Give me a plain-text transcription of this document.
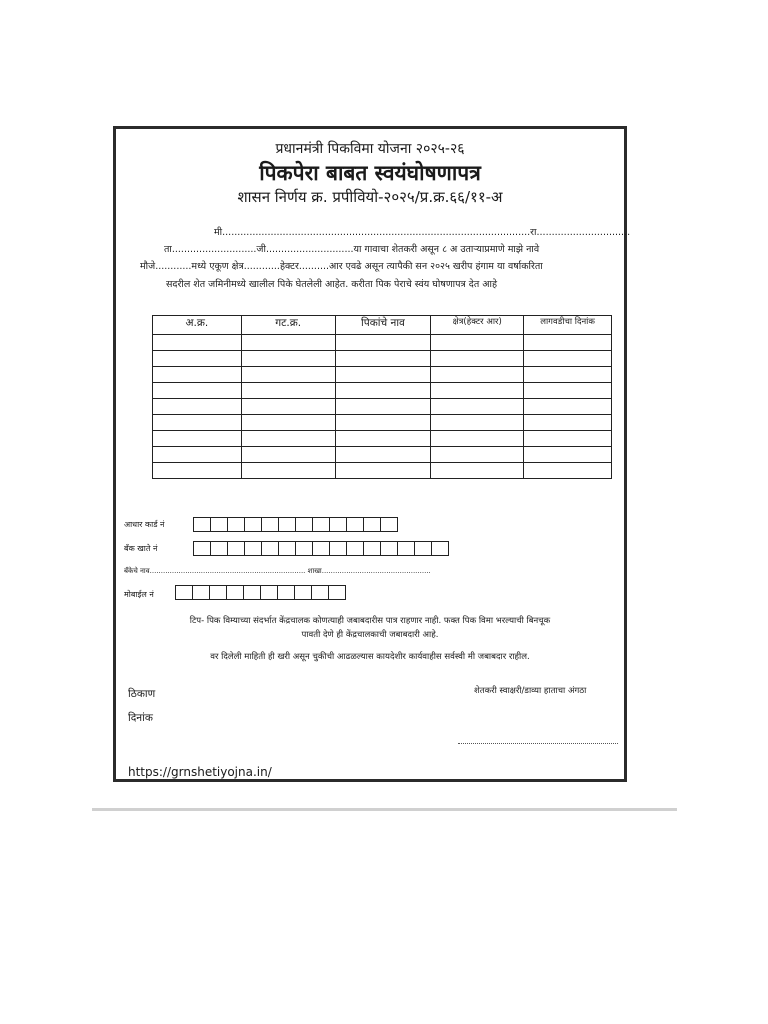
प्रधानमंत्री पिकविमा योजना २०२५-२६
पिकपेरा बाबत स्वयंघोषणापत्र
शासन निर्णय क्र. प्रपीवियो-२०२५/प्र.क्र.६६/११-अ
मी......................................................................................................रा...............................
ता............................जी.............................या गावाचा शेतकरी असून ८ अ उताऱ्याप्रमाणे माझे नावे
मौजे............मध्ये एकूण क्षेत्र............हेक्टर..........आर एवढे असून त्यापैकी सन २०२५ खरीप हंगाम या वर्षाकरिता
सदरील शेत जमिनीमध्ये खालील पिके घेतलेली आहेत. करीता पिक पेराचे स्वंय घोषणापत्र देत आहे
अ.क्र.	गट.क्र.	पिकांचे नाव	क्षेत्र(हेक्टर आर)	लागवडीचा दिनांक

आधार कार्ड नं
बँक खाते नं
बँकेचे नाव...................................................................... शाखा.................................................
मोबाईल नं
टिप- पिक विम्याच्या संदर्भात केंद्रचालक कोणत्याही जबाबदारीस पात्र राहणार नाही. फक्त पिक विमा भरल्याची बिनचूक
पावती देणे ही केंद्रचालकाची जबाबदारी आहे.
वर दिलेली माहिती ही खरी असून चुकीची आढळल्यास कायदेशीर कार्यवाहीस सर्वस्वी मी जबाबदार राहील.
ठिकाण
दिनांक
शेतकरी स्वाक्षरी/डाव्या हाताचा अंगठा
https://grnshetiyojna.in/
